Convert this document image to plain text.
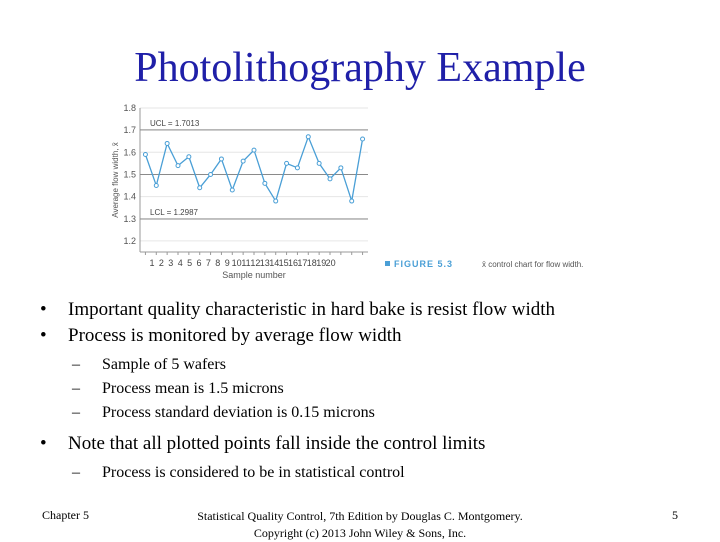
Photolithography Example
1.8
1.7
1.6
1.5
1.4
1.3
1.2
UCL = 1.7013
LCL = 1.2987
1 2 3 4 5 6 7 8 9 10 11 12 13 14 15 16 17 18 19 20
Sample number
Average flow width, x̄
FIGURE 5.3	x̄ control chart for flow width.
• Important quality characteristic in hard bake is resist flow width
• Process is monitored by average flow width
– Sample of 5 wafers
– Process mean is 1.5 microns
– Process standard deviation is 0.15 microns
• Note that all plotted points fall inside the control limits
– Process is considered to be in statistical control
Chapter 5	Statistical Quality Control, 7th Edition by Douglas C. Montgomery.
Copyright (c) 2013 John Wiley & Sons, Inc.
5
